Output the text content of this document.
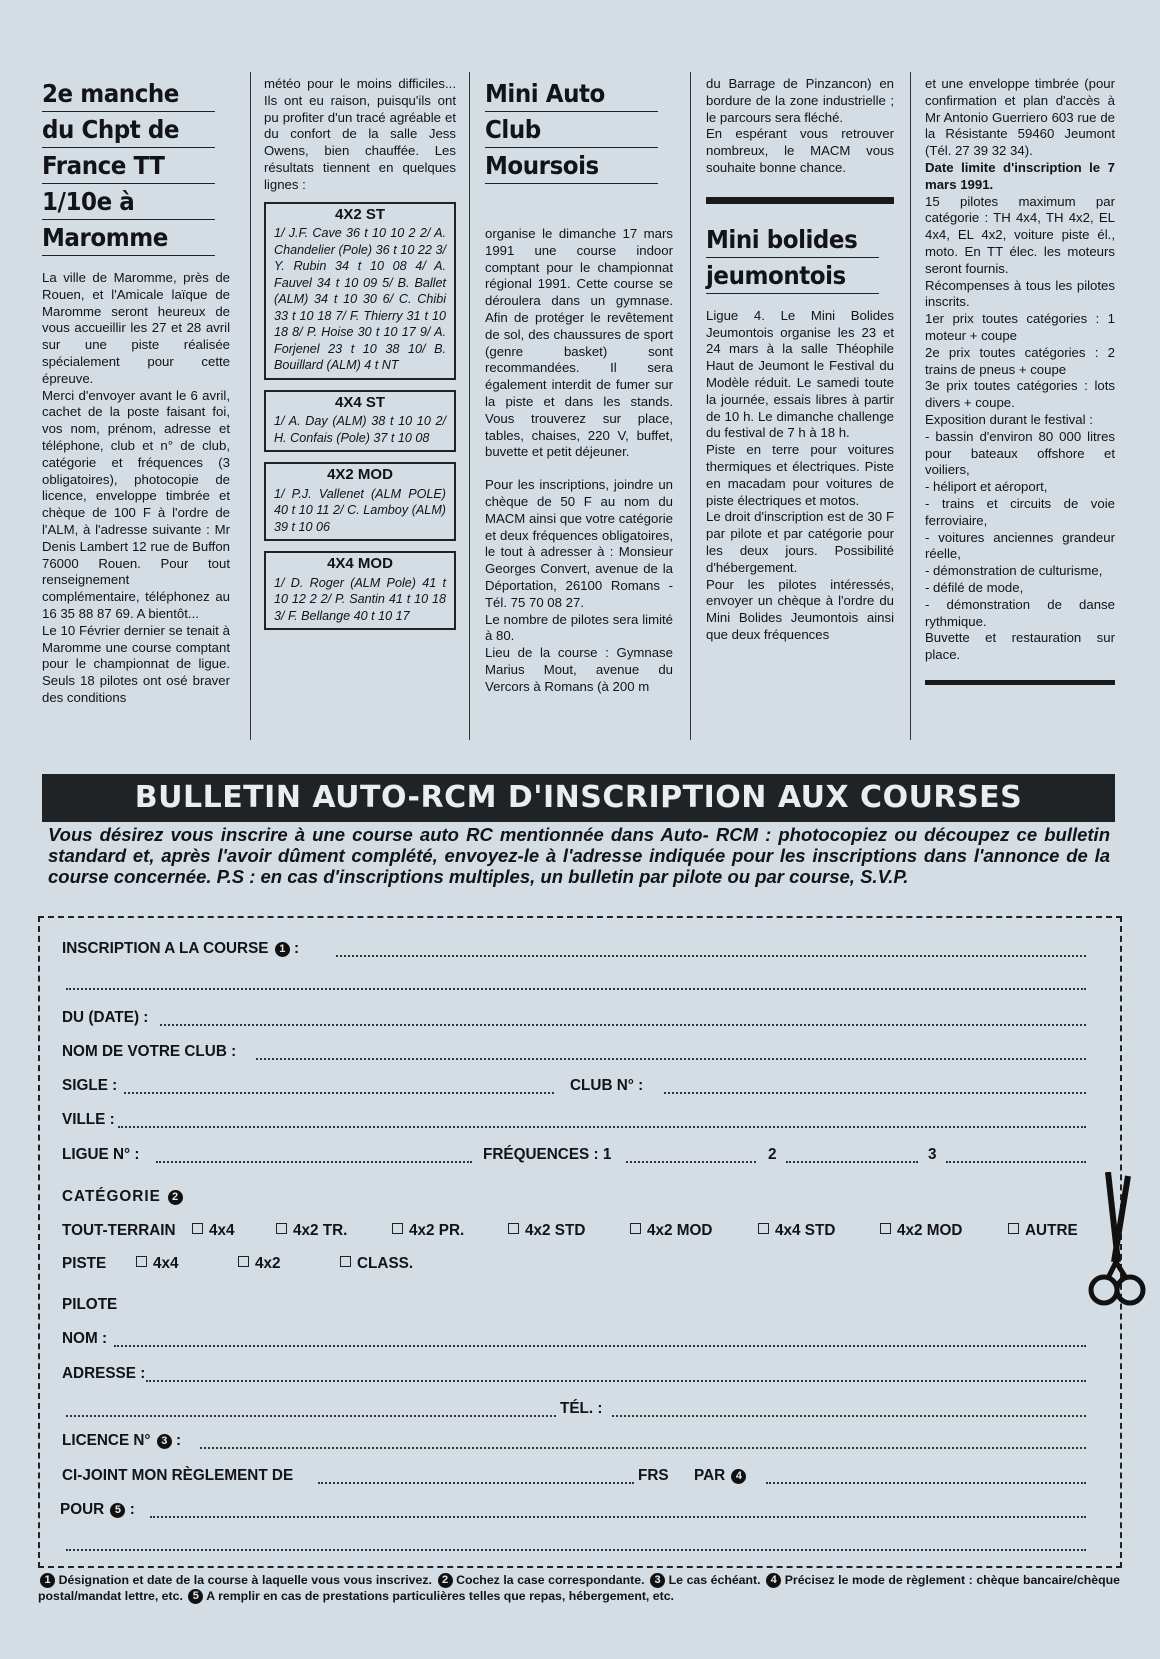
2e manche
du Chpt de
France TT
1/10e à
Maromme

La ville de Maromme, près de Rouen, et l'Amicale laïque de Maromme seront heureux de vous accueillir les 27 et 28 avril sur une piste réalisée spécialement pour cette épreuve.

Merci d'envoyer avant le 6 avril, cachet de la poste faisant foi, vos nom, prénom, adresse et téléphone, club et n° de club, catégorie et fréquences (3 obligatoires), photocopie de licence, enveloppe timbrée et chèque de 100 F à l'ordre de l'ALM, à l'adresse suivante : Mr Denis Lambert 12 rue de Buffon 76000 Rouen. Pour tout renseignement complémentaire, téléphonez au 16 35 88 87 69. A bientôt...

Le 10 Février dernier se tenait à Maromme une course comptant pour le championnat de ligue. Seuls 18 pilotes ont osé braver des conditions

météo pour le moins difficiles... Ils ont eu raison, puisqu'ils ont pu profiter d'un tracé agréable et du confort de la salle Jess Owens, bien chauffée. Les résultats tiennent en quelques lignes :

4X2 ST

1/ J.F. Cave 36 t 10 10 2 2/ A. Chandelier (Pole) 36 t 10 22 3/ Y. Rubin 34 t 10 08 4/ A. Fauvel 34 t 10 09 5/ B. Ballet (ALM) 34 t 10 30 6/ C. Chibi 33 t 10 18 7/ F. Thierry 31 t 10 18 8/ P. Hoise 30 t 10 17 9/ A. Forjenel 23 t 10 38 10/ B. Bouillard (ALM) 4 t NT

4X4 ST

1/ A. Day (ALM) 38 t 10 10 2/ H. Confais (Pole) 37 t 10 08

4X2 MOD

1/ P.J. Vallenet (ALM POLE) 40 t 10 11 2/ C. Lamboy (ALM) 39 t 10 06

4X4 MOD

1/ D. Roger (ALM Pole) 41 t 10 12 2 2/ P. Santin 41 t 10 18 3/ F. Bellange 40 t 10 17

Mini Auto
Club
Moursois

organise le dimanche 17 mars 1991 une course indoor comptant pour le championnat régional 1991. Cette course se déroulera dans un gymnase. Afin de protéger le revêtement de sol, des chaussures de sport (genre basket) sont recommandées. Il sera également interdit de fumer sur la piste et dans les stands. Vous trouverez sur place, tables, chaises, 220 V, buffet, buvette et petit déjeuner.

Pour les inscriptions, joindre un chèque de 50 F au nom du MACM ainsi que votre catégorie et deux fréquences obligatoires, le tout à adresser à : Monsieur Georges Convert, avenue de la Déportation, 26100 Romans - Tél. 75 70 08 27.

Le nombre de pilotes sera limité à 80.

Lieu de la course : Gymnase Marius Mout, avenue du Vercors à Romans (à 200 m

du Barrage de Pinzancon) en bordure de la zone industrielle ; le parcours sera fléché.

En espérant vous retrouver nombreux, le MACM vous souhaite bonne chance.

Mini bolides
jeumontois

Ligue 4. Le Mini Bolides Jeumontois organise les 23 et 24 mars à la salle Théophile Haut de Jeumont le Festival du Modèle réduit. Le samedi toute la journée, essais libres à partir de 10 h. Le dimanche challenge du festival de 7 h à 18 h.

Piste en terre pour voitures thermiques et électriques. Piste en macadam pour voitures de piste électriques et motos.

Le droit d'inscription est de 30 F par pilote et par catégorie pour les deux jours. Possibilité d'hébergement.

Pour les pilotes intéressés, envoyer un chèque à l'ordre du Mini Bolides Jeumontois ainsi que deux fréquences

et une enveloppe timbrée (pour confirmation et plan d'accès à Mr Antonio Guerriero 603 rue de la Résistante 59460 Jeumont (Tél. 27 39 32 34).

Date limite d'inscription le 7 mars 1991.

15 pilotes maximum par catégorie : TH 4x4, TH 4x2, EL 4x4, EL 4x2, voiture piste él., moto. En TT élec. les moteurs seront fournis.

Récompenses à tous les pilotes inscrits.

1er prix toutes catégories : 1 moteur + coupe

2e prix toutes catégories : 2 trains de pneus + coupe

3e prix toutes catégories : lots divers + coupe.

Exposition durant le festival :

- bassin d'environ 80 000 litres pour bateaux offshore et voiliers,

- héliport et aéroport,

- trains et circuits de voie ferroviaire,

- voitures anciennes grandeur réelle,

- démonstration de culturisme,

- défilé de mode,

- démonstration de danse rythmique.

Buvette et restauration sur place.

BULLETIN AUTO-RCM D'INSCRIPTION AUX COURSES
Vous désirez vous inscrire à une course auto RC mentionnée dans Auto- RCM : photocopiez ou découpez ce bulletin standard et, après l'avoir dûment complété, envoyez-le à l'adresse indiquée pour les inscriptions dans l'annonce de la course concernée. P.S : en cas d'inscriptions multiples, un bulletin par pilote ou par course, S.V.P.
INSCRIPTION A LA COURSE 1 :
DU (DATE) :
NOM DE VOTRE CLUB :
SIGLE :	CLUB N° :
VILLE :
LIGUE N° :	FRÉQUENCES : 1	2	3
CATÉGORIE 2
TOUT-TERRAIN	4x4	4x2 TR.	4x2 PR.	4x2 STD	4x2 MOD	4x4 STD	4x2 MOD	AUTRE
PISTE	4x4	4x2	CLASS.
PILOTE
NOM :
ADRESSE :
TÉL. :
LICENCE N° 3 :
CI-JOINT MON RÈGLEMENT DE	FRS PAR 4
POUR 5 :
1 Désignation et date de la course à laquelle vous vous inscrivez. 2 Cochez la case correspondante. 3 Le cas échéant. 4 Précisez le mode de règlement : chèque bancaire/chèque postal/mandat lettre, etc. 5 A remplir en cas de prestations particulières telles que repas, hébergement, etc.
